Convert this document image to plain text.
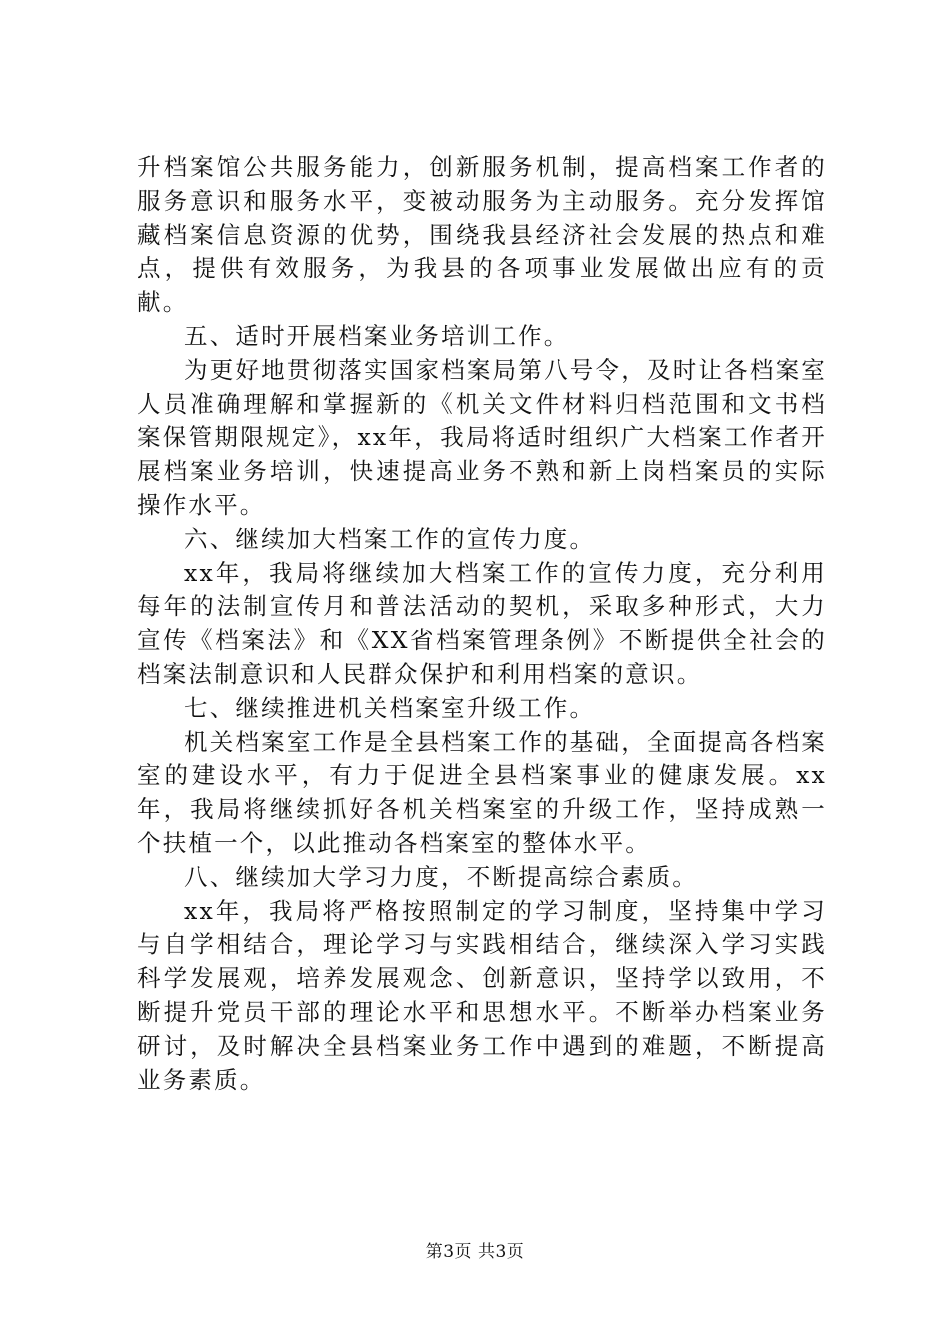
升档案馆公共服务能力，创新服务机制，提高档案工作者的服务意识和服务水平，变被动服务为主动服务。充分发挥馆藏档案信息资源的优势，围绕我县经济社会发展的热点和难点，提供有效服务，为我县的各项事业发展做出应有的贡献。

五、适时开展档案业务培训工作。

为更好地贯彻落实国家档案局第八号令，及时让各档案室人员准确理解和掌握新的《机关文件材料归档范围和文书档案保管期限规定》，xx年，我局将适时组织广大档案工作者开展档案业务培训，快速提高业务不熟和新上岗档案员的实际操作水平。

六、继续加大档案工作的宣传力度。

xx年，我局将继续加大档案工作的宣传力度，充分利用每年的法制宣传月和普法活动的契机，采取多种形式，大力宣传《档案法》和《XX省档案管理条例》不断提供全社会的档案法制意识和人民群众保护和利用档案的意识。

七、继续推进机关档案室升级工作。

机关档案室工作是全县档案工作的基础，全面提高各档案室的建设水平，有力于促进全县档案事业的健康发展。xx年，我局将继续抓好各机关档案室的升级工作，坚持成熟一个扶植一个，以此推动各档案室的整体水平。

八、继续加大学习力度，不断提高综合素质。

xx年，我局将严格按照制定的学习制度，坚持集中学习与自学相结合，理论学习与实践相结合，继续深入学习实践科学发展观，培养发展观念、创新意识，坚持学以致用，不断提升党员干部的理论水平和思想水平。不断举办档案业务研讨，及时解决全县档案业务工作中遇到的难题，不断提高业务素质。

第3页 共3页
